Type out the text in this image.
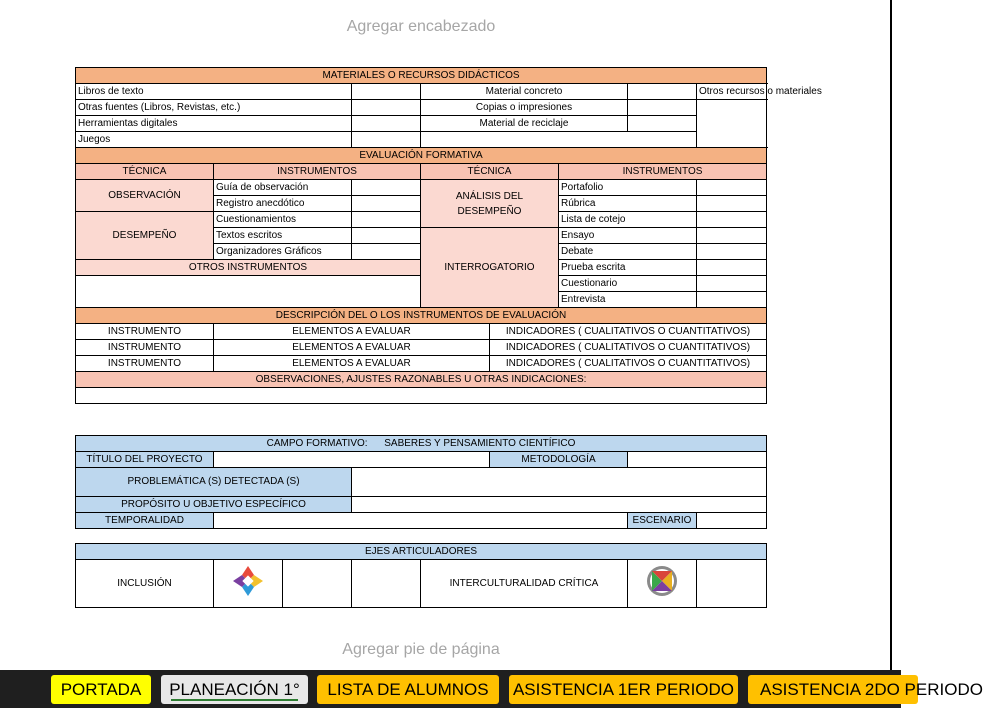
Agregar encabezado
MATERIALES O RECURSOS DIDÁCTICOS							
Libros de texto			Material concreto				Otros recursos o materiales
Otras fuentes (Libros, Revistas, etc.)			Copias o impresiones				
Herramientas digitales			Material de reciclaje				
Juegos							
EVALUACIÓN FORMATIVA							
TÉCNICA	INSTRUMENTOS		TÉCNICA		INSTRUMENTOS		
OBSERVACIÓN	Guía de observación		ANÁLISIS DEL DESEMPEÑO		Portafolio		
	Registro anecdótico				Rúbrica		
DESEMPEÑO	Cuestionamientos				Lista de cotejo		
	Textos escritos		INTERROGATORIO		Ensayo		
	Organizadores Gráficos				Debate		
OTROS INSTRUMENTOS					Prueba escrita		
					Cuestionario		
					Entrevista		
DESCRIPCIÓN DEL O LOS INSTRUMENTOS DE EVALUACIÓN							
INSTRUMENTO	ELEMENTOS A EVALUAR			INDICADORES ( CUALITATIVOS O CUANTITATIVOS)			
INSTRUMENTO	ELEMENTOS A EVALUAR			INDICADORES ( CUALITATIVOS O CUANTITATIVOS)			
INSTRUMENTO	ELEMENTOS A EVALUAR			INDICADORES ( CUALITATIVOS O CUANTITATIVOS)			
OBSERVACIONES, AJUSTES RAZONABLES U OTRAS INDICACIONES:							

CAMPO FORMATIVO:      SABERES Y PENSAMIENTO CIENTÍFICO					
TÍTULO DEL PROYECTO			METODOLOGÍA		
PROBLEMÁTICA (S) DETECTADA (S)					
PROPÓSITO U OBJETIVO ESPECÍFICO					
TEMPORALIDAD				ESCENARIO	
EJES ARTICULADORES
INCLUSIÓN				INTERCULTURALIDAD CRÍTICA		
Agregar pie de página
PORTADA	PLANEACIÓN 1°	LISTA DE ALUMNOS	ASISTENCIA 1ER PERIODO	ASISTENCIA 2DO PERIODO
